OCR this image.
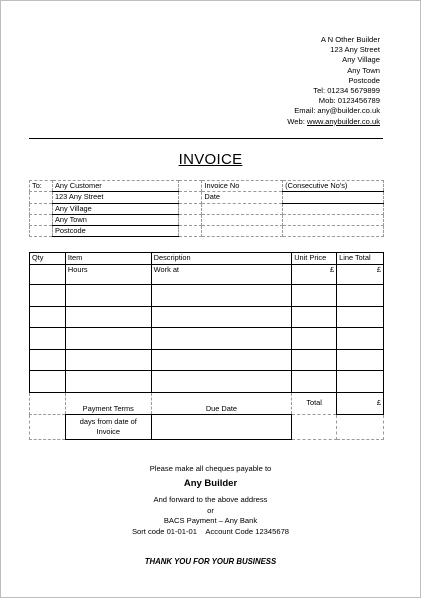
A N Other Builder
123 Any Street
Any Village
Any Town
Postcode
Tel: 01234 5679899
Mob: 0123456789
Email: any@builder.co.uk
Web: www.anybuilder.co.uk
INVOICE
To:	Any Customer		Invoice No	(Consecutive No's)
	123 Any Street		Date	
	Any Village			
	Any Town			
	Postcode			
Qty	Item	Description	Unit Price	Line Total
	Hours	Work at	£	£

	Payment Terms	Due Date	Total	£
	days from date of Invoice			
Please make all cheques payable to
Any Builder
And forward to the above address
or
BACS Payment – Any Bank
Sort code 01-01-01 Account Code 12345678
THANK YOU FOR YOUR BUSINESS
